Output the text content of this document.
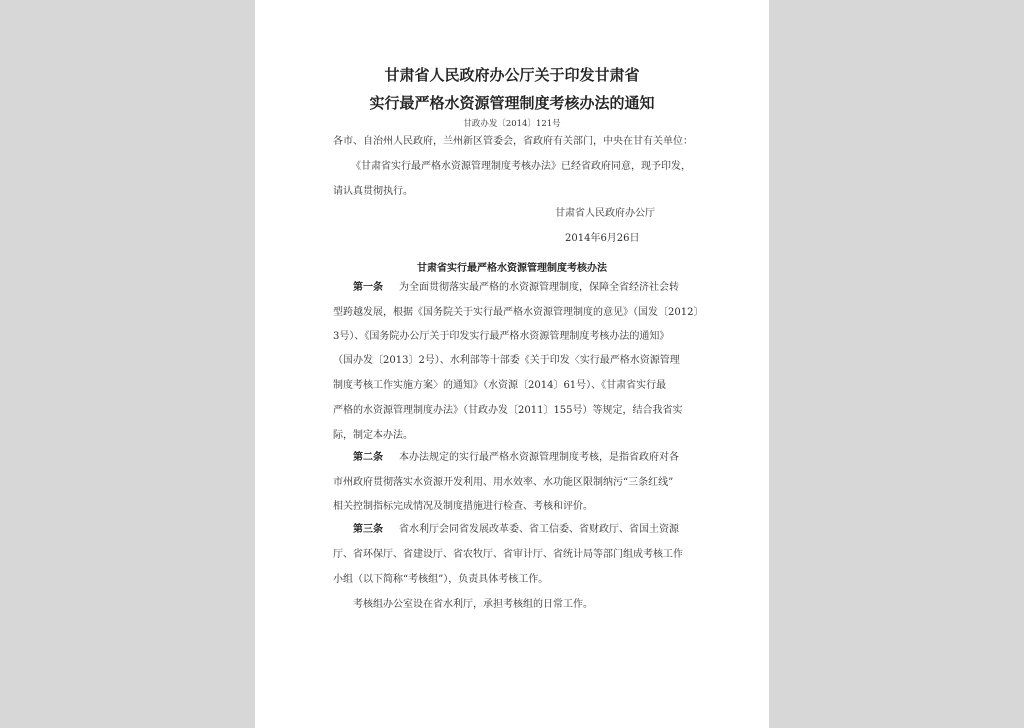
甘肃省人民政府办公厅关于印发甘肃省
实行最严格水资源管理制度考核办法的通知
甘政办发〔2014〕121号
各市、自治州人民政府，兰州新区管委会，省政府有关部门，中央在甘有关单位：
《甘肃省实行最严格水资源管理制度考核办法》已经省政府同意，现予印发，
请认真贯彻执行。
甘肃省人民政府办公厅
2014年6月26日
甘肃省实行最严格水资源管理制度考核办法
第一条 为全面贯彻落实最严格的水资源管理制度，保障全省经济社会转
型跨越发展，根据《国务院关于实行最严格水资源管理制度的意见》（国发〔2012〕
3号）、《国务院办公厅关于印发实行最严格水资源管理制度考核办法的通知》
（国办发〔2013〕2号）、水利部等十部委《关于印发〈实行最严格水资源管理
制度考核工作实施方案〉的通知》（水资源〔2014〕61号）、《甘肃省实行最
严格的水资源管理制度办法》（甘政办发〔2011〕155号）等规定，结合我省实
际，制定本办法。
第二条 本办法规定的实行最严格水资源管理制度考核，是指省政府对各
市州政府贯彻落实水资源开发利用、用水效率、水功能区限制纳污“三条红线”
相关控制指标完成情况及制度措施进行检查、考核和评价。
第三条 省水利厅会同省发展改革委、省工信委、省财政厅、省国土资源
厅、省环保厅、省建设厅、省农牧厅、省审计厅、省统计局等部门组成考核工作
小组（以下简称“考核组”），负责具体考核工作。
考核组办公室设在省水利厅，承担考核组的日常工作。
